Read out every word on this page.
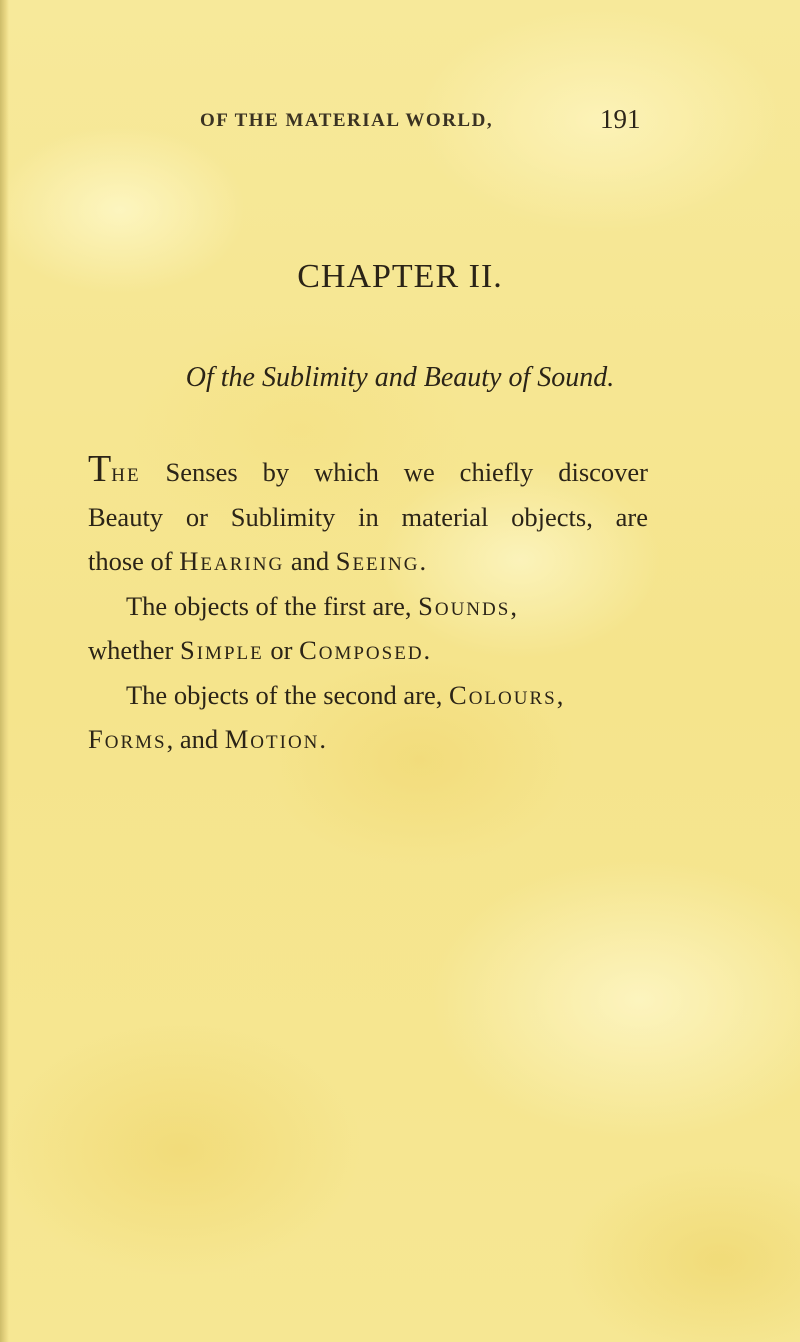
OF THE MATERIAL WORLD,	191
CHAPTER II.
Of the Sublimity and Beauty of Sound.
The Senses by which we chiefly discover
Beauty or Sublimity in material objects, are
those of Hearing and Seeing.
The objects of the first are, Sounds,
whether Simple or Composed.
The objects of the second are, Colours,
Forms, and Motion.
